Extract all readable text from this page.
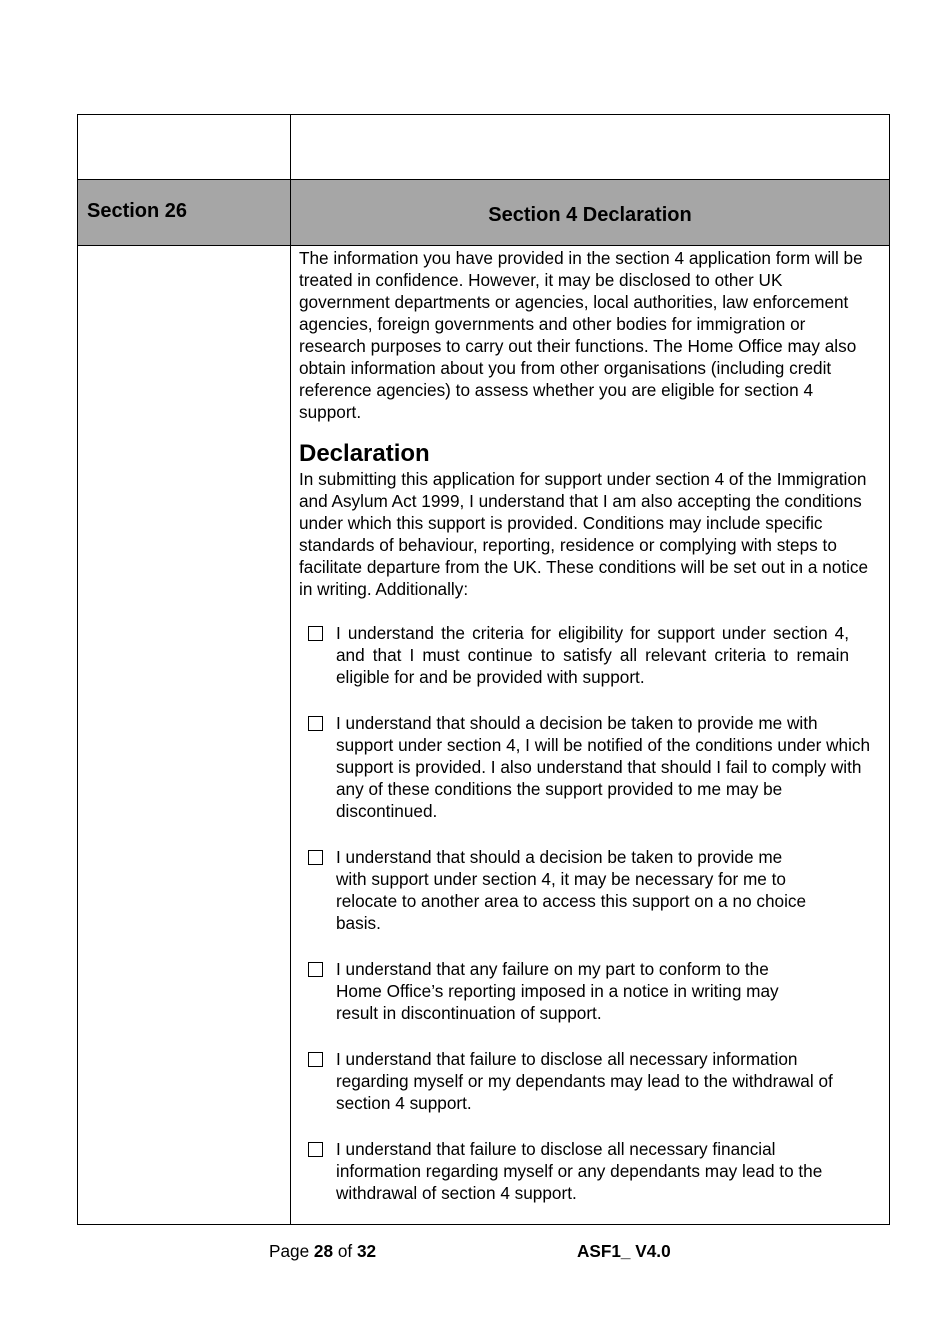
Section 26	Section 4 Declaration

The information you have provided in the section 4 application form will be treated in confidence. However, it may be disclosed to other UK government departments or agencies, local authorities, law enforcement agencies, foreign governments and other bodies for immigration or research purposes to carry out their functions. The Home Office may also obtain information about you from other organisations (including credit reference agencies) to assess whether you are eligible for section 4 support.

Declaration

In submitting this application for support under section 4 of the Immigration and Asylum Act 1999, I understand that I am also accepting the conditions under which this support is provided. Conditions may include specific standards of behaviour, reporting, residence or complying with steps to facilitate departure from the UK. These conditions will be set out in a notice in writing. Additionally:

I understand the criteria for eligibility for support under section 4, and that I must continue to satisfy all relevant criteria to remain eligible for and be provided with support.
I understand that should a decision be taken to provide me with support under section 4, I will be notified of the conditions under which support is provided. I also understand that should I fail to comply with any of these conditions the support provided to me may be discontinued.
I understand that should a decision be taken to provide me with support under section 4, it may be necessary for me to relocate to another area to access this support on a no choice basis.
I understand that any failure on my part to conform to the Home Office’s reporting imposed in a notice in writing may result in discontinuation of support.
I understand that failure to disclose all necessary information regarding myself or my dependants may lead to the withdrawal of section 4 support.
I understand that failure to disclose all necessary financial information regarding myself or any dependants may lead to the withdrawal of section 4 support.
Page 28 of 32	ASF1_ V4.0
